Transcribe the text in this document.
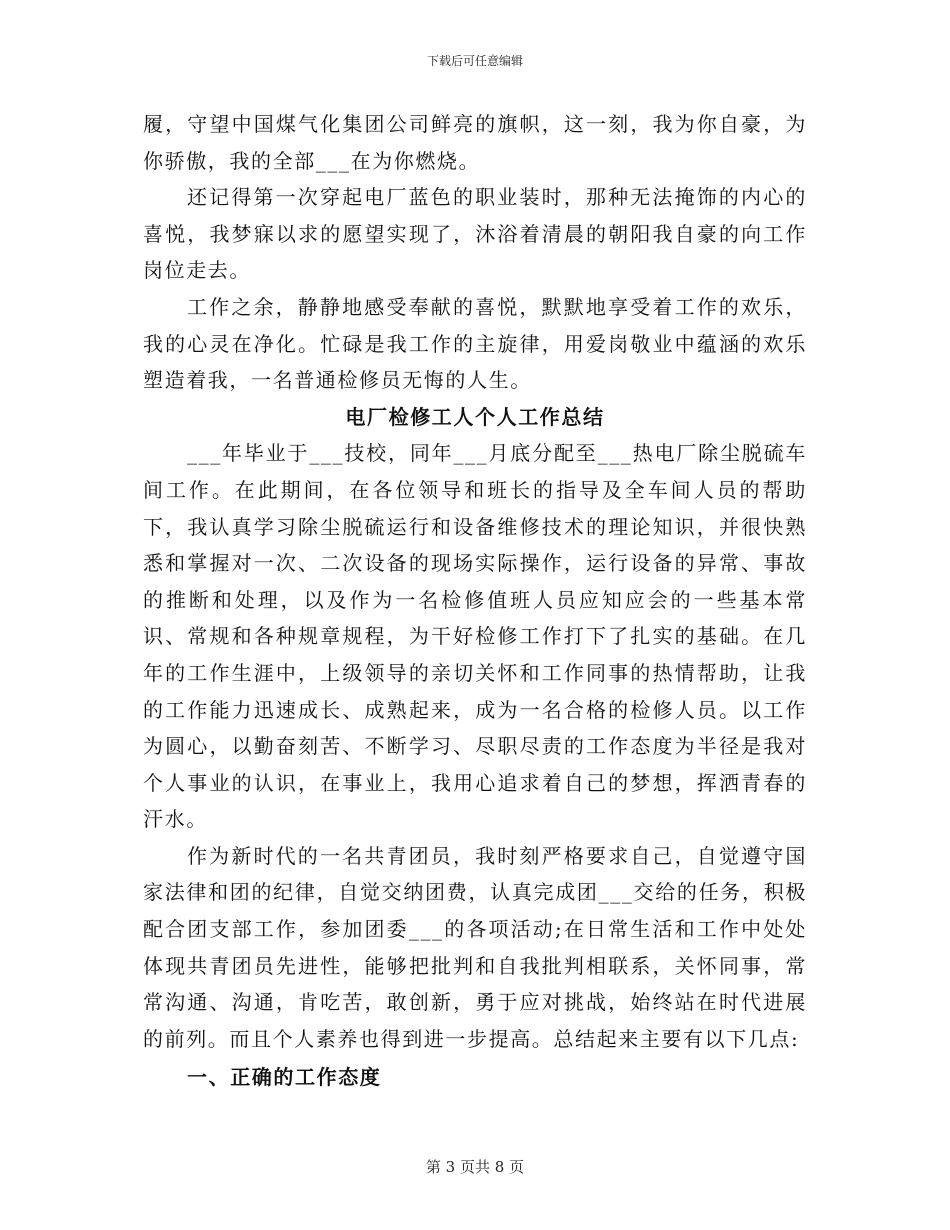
下载后可任意编辑

履，守望中国煤气化集团公司鲜亮的旗帜，这一刻，我为你自豪，为你骄傲，我的全部___在为你燃烧。

还记得第一次穿起电厂蓝色的职业装时，那种无法掩饰的内心的喜悦，我梦寐以求的愿望实现了，沐浴着清晨的朝阳我自豪的向工作岗位走去。

工作之余，静静地感受奉献的喜悦，默默地享受着工作的欢乐，我的心灵在净化。忙碌是我工作的主旋律，用爱岗敬业中蕴涵的欢乐塑造着我，一名普通检修员无悔的人生。

电厂检修工人个人工作总结

___年毕业于___技校，同年___月底分配至___热电厂除尘脱硫车间工作。在此期间，在各位领导和班长的指导及全车间人员的帮助下，我认真学习除尘脱硫运行和设备维修技术的理论知识，并很快熟悉和掌握对一次、二次设备的现场实际操作，运行设备的异常、事故的推断和处理，以及作为一名检修值班人员应知应会的一些基本常识、常规和各种规章规程，为干好检修工作打下了扎实的基础。在几年的工作生涯中，上级领导的亲切关怀和工作同事的热情帮助，让我的工作能力迅速成长、成熟起来，成为一名合格的检修人员。以工作为圆心，以勤奋刻苦、不断学习、尽职尽责的工作态度为半径是我对个人事业的认识，在事业上，我用心追求着自己的梦想，挥洒青春的汗水。

作为新时代的一名共青团员，我时刻严格要求自己，自觉遵守国家法律和团的纪律，自觉交纳团费，认真完成团___交给的任务，积极配合团支部工作，参加团委___的各项活动;在日常生活和工作中处处体现共青团员先进性，能够把批判和自我批判相联系，关怀同事，常常沟通、沟通，肯吃苦，敢创新，勇于应对挑战，始终站在时代进展的前列。而且个人素养也得到进一步提高。总结起来主要有以下几点:

一、正确的工作态度
第 3 页共 8 页
